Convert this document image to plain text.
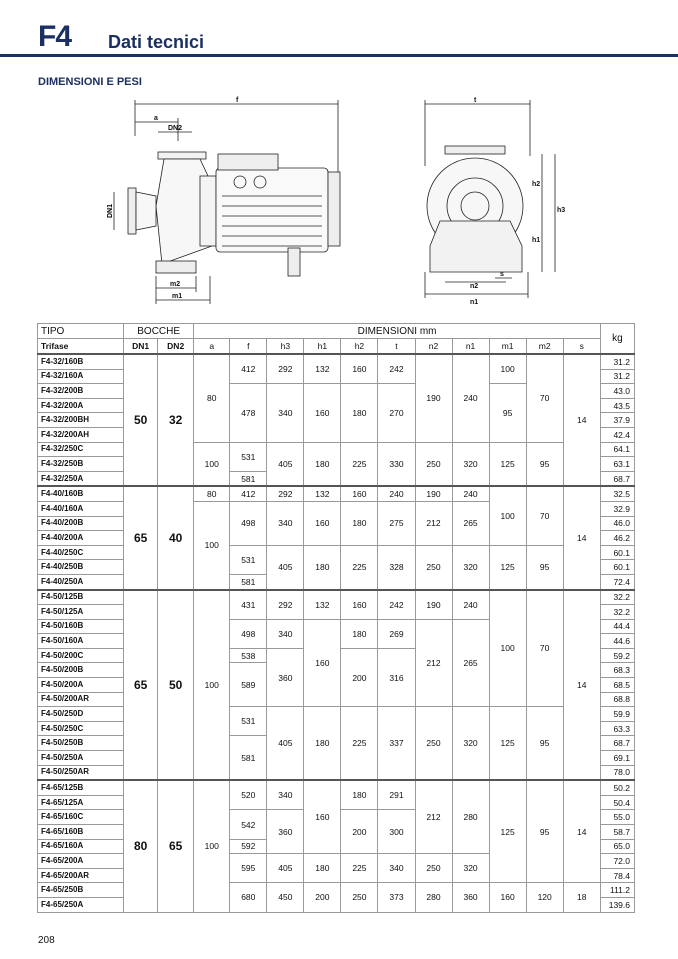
F4 Dati tecnici
DIMENSIONI E PESI
f
a
DN2
m2
m1
t
h2
h3
h1
s
n2
n1
DN1
TIPO	BOCCHE		DIMENSIONI mm											kg
Trifase	DN1	DN2	a	f	h3	h1	h2	t	n2	n1	m1	m2	s	
F4-32/160B	50	32	80	412	292	132	160	242	190	240	100	70	14	31.2
F4-32/160A														31.2
F4-32/200B				478	340	160	180	270			95			43.0
F4-32/200A														43.5
F4-32/200BH														37.9
F4-32/200AH														42.4
F4-32/250C			100	531	405	180	225	330	250	320	125	95		64.1
F4-32/250B														63.1
F4-32/250A				581										68.7
F4-40/160B	65	40	80	412	292	132	160	240	190	240	100	70	14	32.5
F4-40/160A			100	498	340	160	180	275	212	265				32.9
F4-40/200B														46.0
F4-40/200A														46.2
F4-40/250C				531	405	180	225	328	250	320	125	95		60.1
F4-40/250B														60.1
F4-40/250A				581										72.4
F4-50/125B	65	50	100	431	292	132	160	242	190	240	100	70	14	32.2
F4-50/125A														32.2
F4-50/160B				498	340	160	180	269	212	265				44.4
F4-50/160A														44.6
F4-50/200C				538	360		200	316						59.2
F4-50/200B				589										68.3
F4-50/200A														68.5
F4-50/200AR														68.8
F4-50/250D				531	405	180	225	337	250	320	125	95		59.9
F4-50/250C														63.3
F4-50/250B				581										68.7
F4-50/250A														69.1
F4-50/250AR														78.0
F4-65/125B	80	65	100	520	340	160	180	291	212	280	125	95	14	50.2
F4-65/125A														50.4
F4-65/160C				542	360		200	300						55.0
F4-65/160B														58.7
F4-65/160A				592										65.0
F4-65/200A				595	405	180	225	340	250	320				72.0
F4-65/200AR														78.4
F4-65/250B				680	450	200	250	373	280	360	160	120	18	111.2
F4-65/250A														139.6
208
